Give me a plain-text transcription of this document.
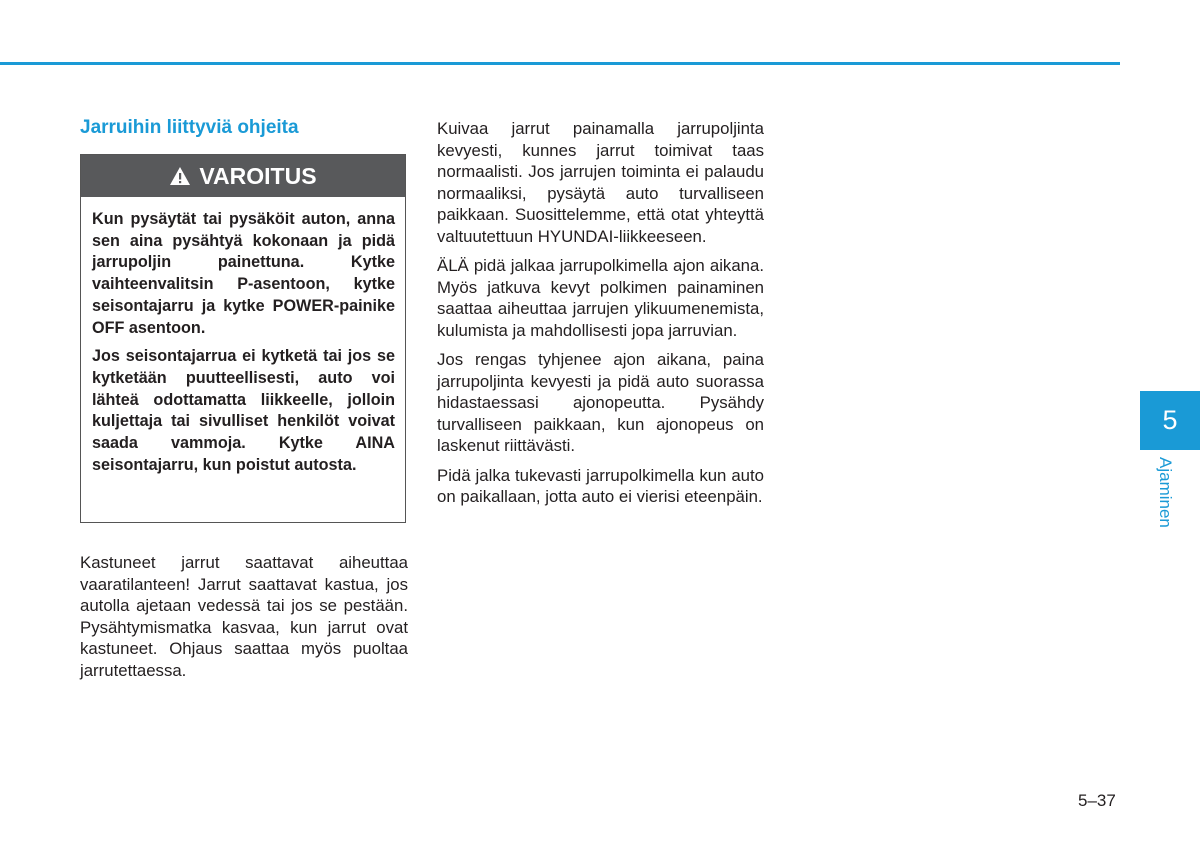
Jarruihin liittyviä ohjeita
VAROITUS

Kun pysäytät tai pysäköit auton, anna sen aina pysähtyä kokonaan ja pidä jarrupoljin painettuna. Kytke vaihteenvalitsin P-asentoon, kytke seisontajarru ja kytke POWER-painike OFF asentoon.

Jos seisontajarrua ei kytketä tai jos se kytketään puutteellisesti, auto voi lähteä odottamatta liikkeelle, jolloin kuljettaja tai sivulliset henkilöt voivat saada vammoja. Kytke AINA seisontajarru, kun poistut autosta.

Kastuneet jarrut saattavat aiheuttaa vaaratilanteen! Jarrut saattavat kastua, jos autolla ajetaan vedessä tai jos se pestään. Pysähtymismatka kasvaa, kun jarrut ovat kastuneet. Ohjaus saattaa myös puoltaa jarrutettaessa.

Kuivaa jarrut painamalla jarrupoljinta kevyesti, kunnes jarrut toimivat taas normaalisti. Jos jarrujen toiminta ei palaudu normaaliksi, pysäytä auto turvalliseen paikkaan. Suosittelemme, että otat yhteyttä valtuutettuun HYUNDAI-liikkeeseen.

ÄLÄ pidä jalkaa jarrupolkimella ajon aikana. Myös jatkuva kevyt polkimen painaminen saattaa aiheuttaa jarrujen ylikuumenemista, kulumista ja mahdollisesti jopa jarruvian.

Jos rengas tyhjenee ajon aikana, paina jarrupoljinta kevyesti ja pidä auto suorassa hidastaessasi ajonopeutta. Pysähdy turvalliseen paikkaan, kun ajonopeus on laskenut riittävästi.

Pidä jalka tukevasti jarrupolkimella kun auto on paikallaan, jotta auto ei vierisi eteenpäin.

5
Ajaminen
5–37
